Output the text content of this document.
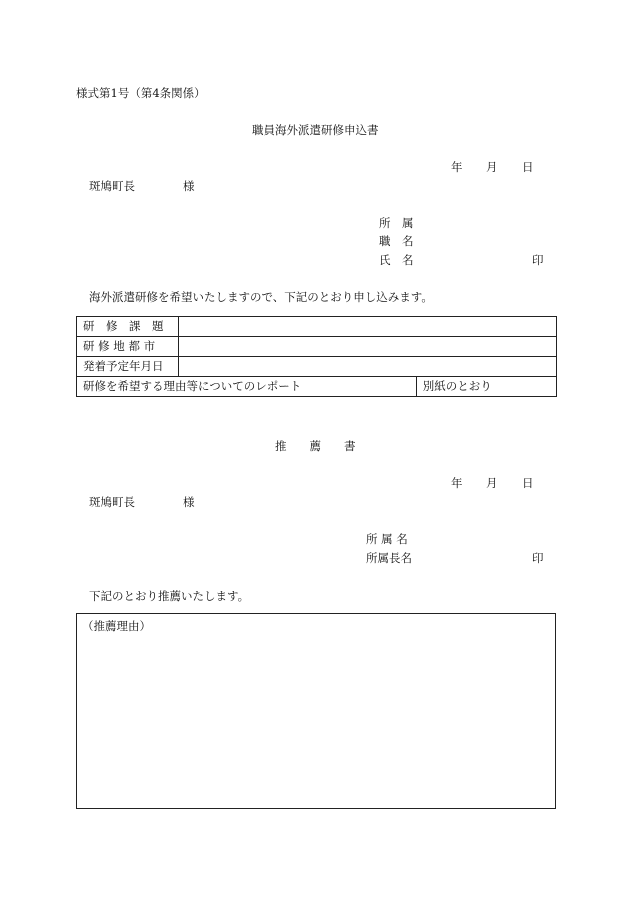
様式第1号（第4条関係）
職員海外派遣研修申込書
年 月 日
斑鳩町長	様
所　属
職　名
氏　名	印
海外派遣研修を希望いたしますので、下記のとおり申し込みます。
研　修　課　題		
研 修 地 都 市		
発着予定年月日		
研修を希望する理由等についてのレポート		別紙のとおり
推　　薦　　書
年 月 日
斑鳩町長	様
所 属 名
所属長名	印
下記のとおり推薦いたします。
（推薦理由）
